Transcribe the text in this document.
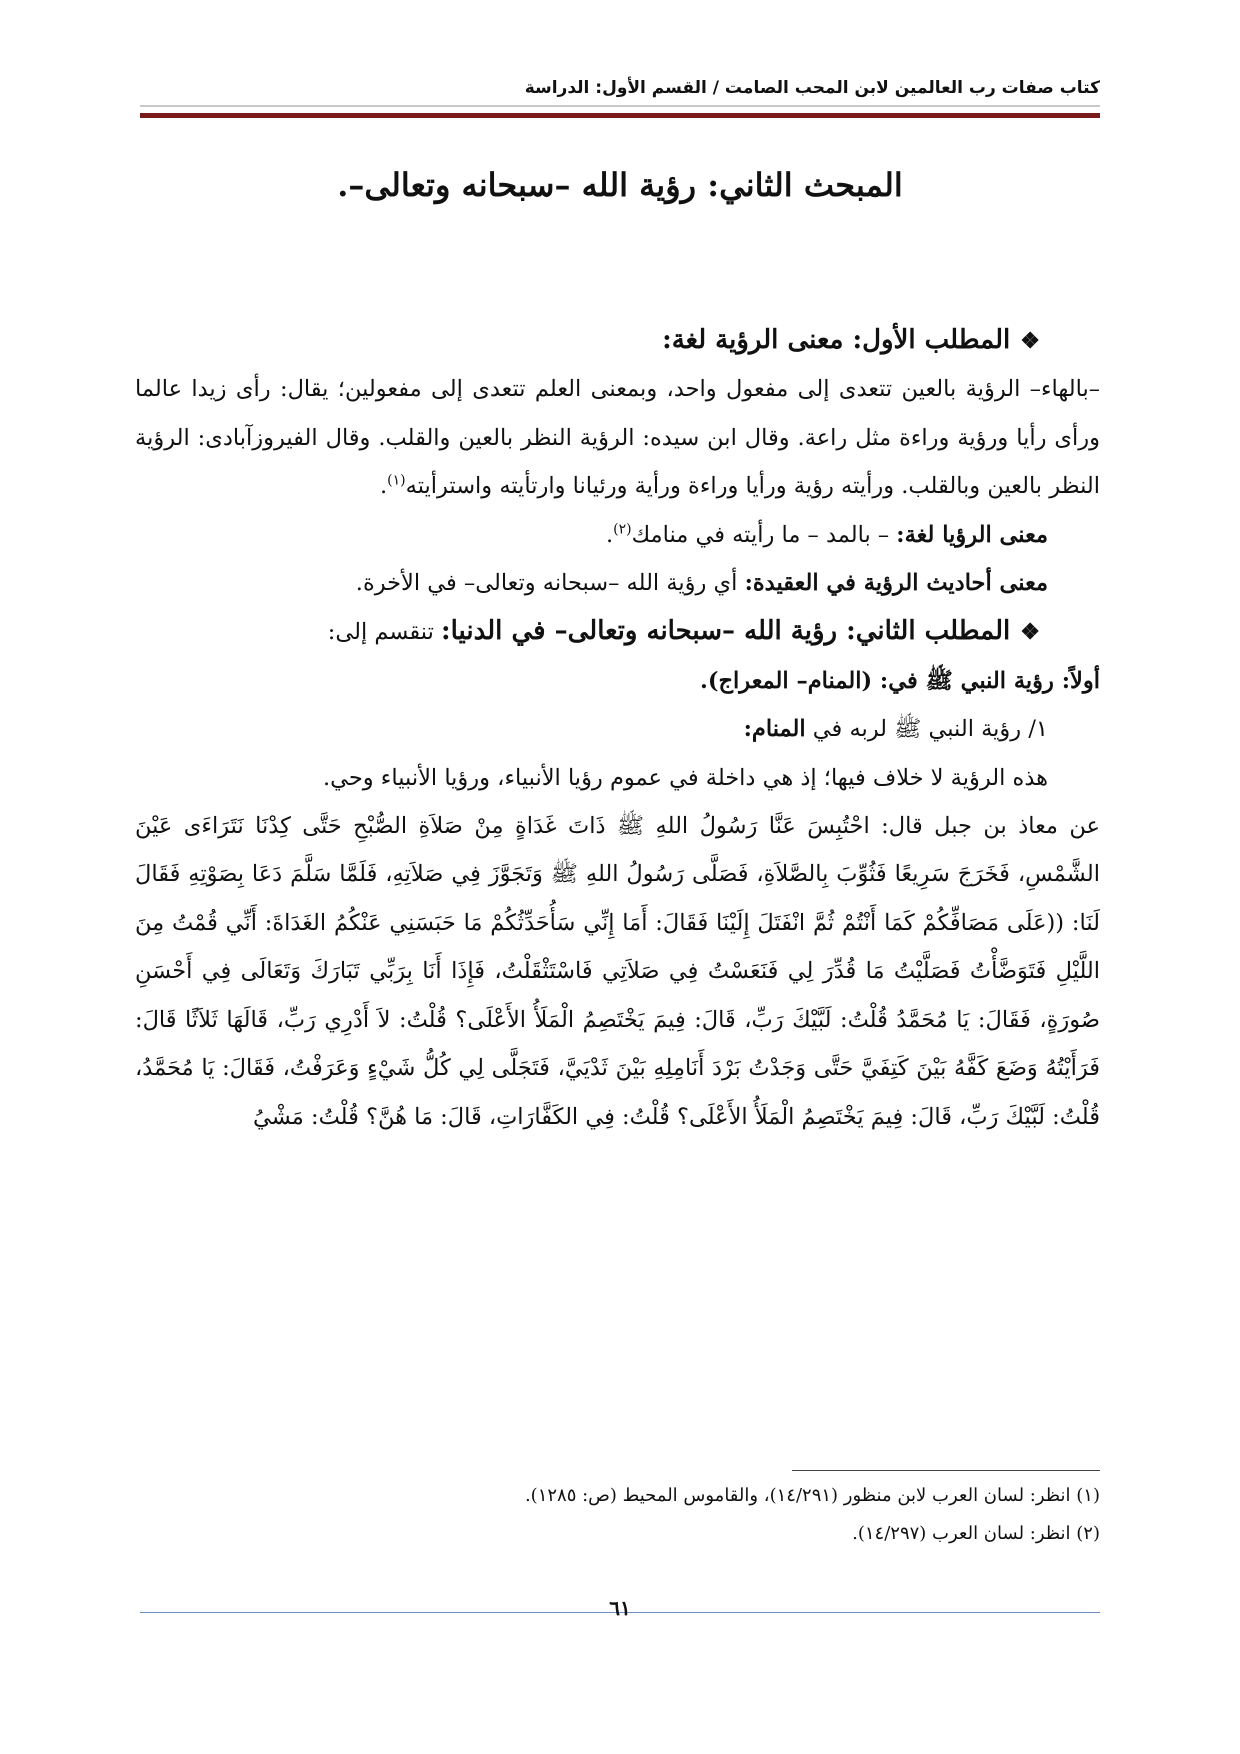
كتاب صفات رب العالمين لابن المحب الصامت / القسم الأول: الدراسة
المبحث الثاني: رؤية الله –سبحانه وتعالى–.

❖المطلب الأول: معنى الرؤية لغة:

–بالهاء– الرؤية بالعين تتعدى إلى مفعول واحد، وبمعنى العلم تتعدى إلى مفعولين؛ يقال: رأى زيدا عالما ورأى رأيا ورؤية وراءة مثل راعة. وقال ابن سيده: الرؤية النظر بالعين والقلب. وقال الفيروزآبادى: الرؤية النظر بالعين وبالقلب. ورأيته رؤية ورأيا وراءة ورأية ورئيانا وارتأيته واسترأيته$^{(١)}$.

معنى الرؤيا لغة: – بالمد – ما رأيته في منامك$^{(٢)}$.

معنى أحاديث الرؤية في العقيدة: أي رؤية الله –سبحانه وتعالى– في الأخرة.

❖المطلب الثاني: رؤية الله –سبحانه وتعالى– في الدنيا: تنقسم إلى:

أولاً: رؤية النبي ﷺ في: (المنام– المعراج).

١/ رؤية النبي ﷺ لربه في المنام:

هذه الرؤية لا خلاف فيها؛ إذ هي داخلة في عموم رؤيا الأنبياء، ورؤيا الأنبياء وحي.

عن معاذ بن جبل قال: احْتُبِسَ عَنَّا رَسُولُ اللهِ ﷺ ذَاتَ غَدَاةٍ مِنْ صَلاَةِ الصُّبْحِ حَتَّى كِدْنَا نَتَرَاءَى عَيْنَ الشَّمْسِ، فَخَرَجَ سَرِيعًا فَثُوِّبَ بِالصَّلاَةِ، فَصَلَّى رَسُولُ اللهِ ﷺ وَتَجَوَّزَ فِي صَلاَتِهِ، فَلَمَّا سَلَّمَ دَعَا بِصَوْتِهِ فَقَالَ لَنَا: ((عَلَى مَصَافِّكُمْ كَمَا أَنْتُمْ ثُمَّ انْفَتَلَ إِلَيْنَا فَقَالَ: أَمَا إِنِّي سَأُحَدِّثُكُمْ مَا حَبَسَنِي عَنْكُمُ الغَدَاةَ: أَنِّي قُمْتُ مِنَ اللَّيْلِ فَتَوَضَّأْتُ فَصَلَّيْتُ مَا قُدِّرَ لِي فَنَعَسْتُ فِي صَلاَتِي فَاسْتَثْقَلْتُ، فَإِذَا أَنَا بِرَبِّي تَبَارَكَ وَتَعَالَى فِي أَحْسَنِ صُورَةٍ، فَقَالَ: يَا مُحَمَّدُ قُلْتُ: لَبَّيْكَ رَبِّ، قَالَ: فِيمَ يَخْتَصِمُ الْمَلَأُ الأَعْلَى؟ قُلْتُ: لاَ أَدْرِي رَبِّ، قَالَهَا ثَلاَثًا قَالَ: فَرَأَيْتُهُ وَضَعَ كَفَّهُ بَيْنَ كَتِفَيَّ حَتَّى وَجَدْتُ بَرْدَ أَنَامِلِهِ بَيْنَ ثَدْيَيَّ، فَتَجَلَّى لِي كُلُّ شَيْءٍ وَعَرَفْتُ، فَقَالَ: يَا مُحَمَّدُ، قُلْتُ: لَبَّيْكَ رَبِّ، قَالَ: فِيمَ يَخْتَصِمُ الْمَلَأُ الأَعْلَى؟ قُلْتُ: فِي الكَفَّارَاتِ، قَالَ: مَا هُنَّ؟ قُلْتُ: مَشْيُ

(١) انظر: لسان العرب لابن منظور (١٤/٢٩١)، والقاموس المحيط (ص: ١٢٨٥).

(٢) انظر: لسان العرب (١٤/٢٩٧).

٦١
